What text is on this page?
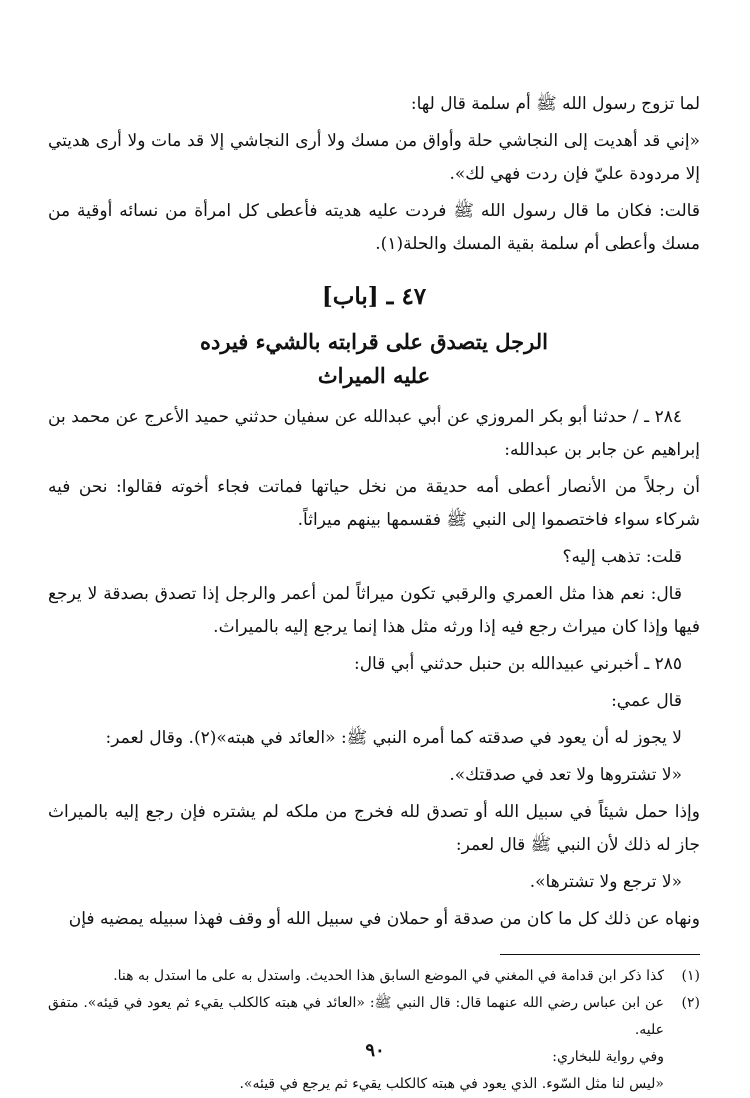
لما تزوج رسول الله ﷺ أم سلمة قال لها:

«إني قد أهديت إلى النجاشي حلة وأواق من مسك ولا أرى النجاشي إلا قد مات ولا أرى هديتي إلا مردودة عليّ فإن ردت فهي لك».

قالت: فكان ما قال رسول الله ﷺ فردت عليه هديته فأعطى كل امرأة من نسائه أوقية من مسك وأعطى أم سلمة بقية المسك والحلة(١).

٤٧ ـ [باب]
الرجل يتصدق على قرابته بالشيء فيرده
عليه الميراث

٢٨٤ ـ / حدثنا أبو بكر المروزي عن أبي عبدالله عن سفيان حدثني حميد الأعرج عن محمد بن إبراهيم عن جابر بن عبدالله:

أن رجلاً من الأنصار أعطى أمه حديقة من نخل حياتها فماتت فجاء أخوته فقالوا: نحن فيه شركاء سواء فاختصموا إلى النبي ﷺ فقسمها بينهم ميراثاً.

قلت: تذهب إليه؟

قال: نعم هذا مثل العمري والرقبي تكون ميراثاً لمن أعمر والرجل إذا تصدق بصدقة لا يرجع فيها وإذا كان ميراث رجع فيه إذا ورثه مثل هذا إنما يرجع إليه بالميراث.

٢٨٥ ـ أخبرني عبيدالله بن حنبل حدثني أبي قال:

قال عمي:

لا يجوز له أن يعود في صدقته كما أمره النبي ﷺ: «العائد في هبته»(٢). وقال لعمر:

«لا تشتروها ولا تعد في صدقتك».

وإذا حمل شيئاً في سبيل الله أو تصدق لله فخرج من ملكه لم يشتره فإن رجع إليه بالميراث جاز له ذلك لأن النبي ﷺ قال لعمر:

«لا ترجع ولا تشترها».

ونهاه عن ذلك كل ما كان من صدقة أو حملان في سبيل الله أو وقف فهذا سبيله يمضيه فإن

(١)
كذا ذكر ابن قدامة في المغني في الموضع السابق هذا الحديث. واستدل به على ما استدل به هنا.
(٢)
عن ابن عباس رضي الله عنهما قال: قال النبي ﷺ: «العائد في هبته كالكلب يقيء ثم يعود في قيئه». متفق عليه.

وفي رواية للبخاري:

«ليس لنا مثل السّوء. الذي يعود في هبته كالكلب يقيء ثم يرجع في قيئه».

٩٠
